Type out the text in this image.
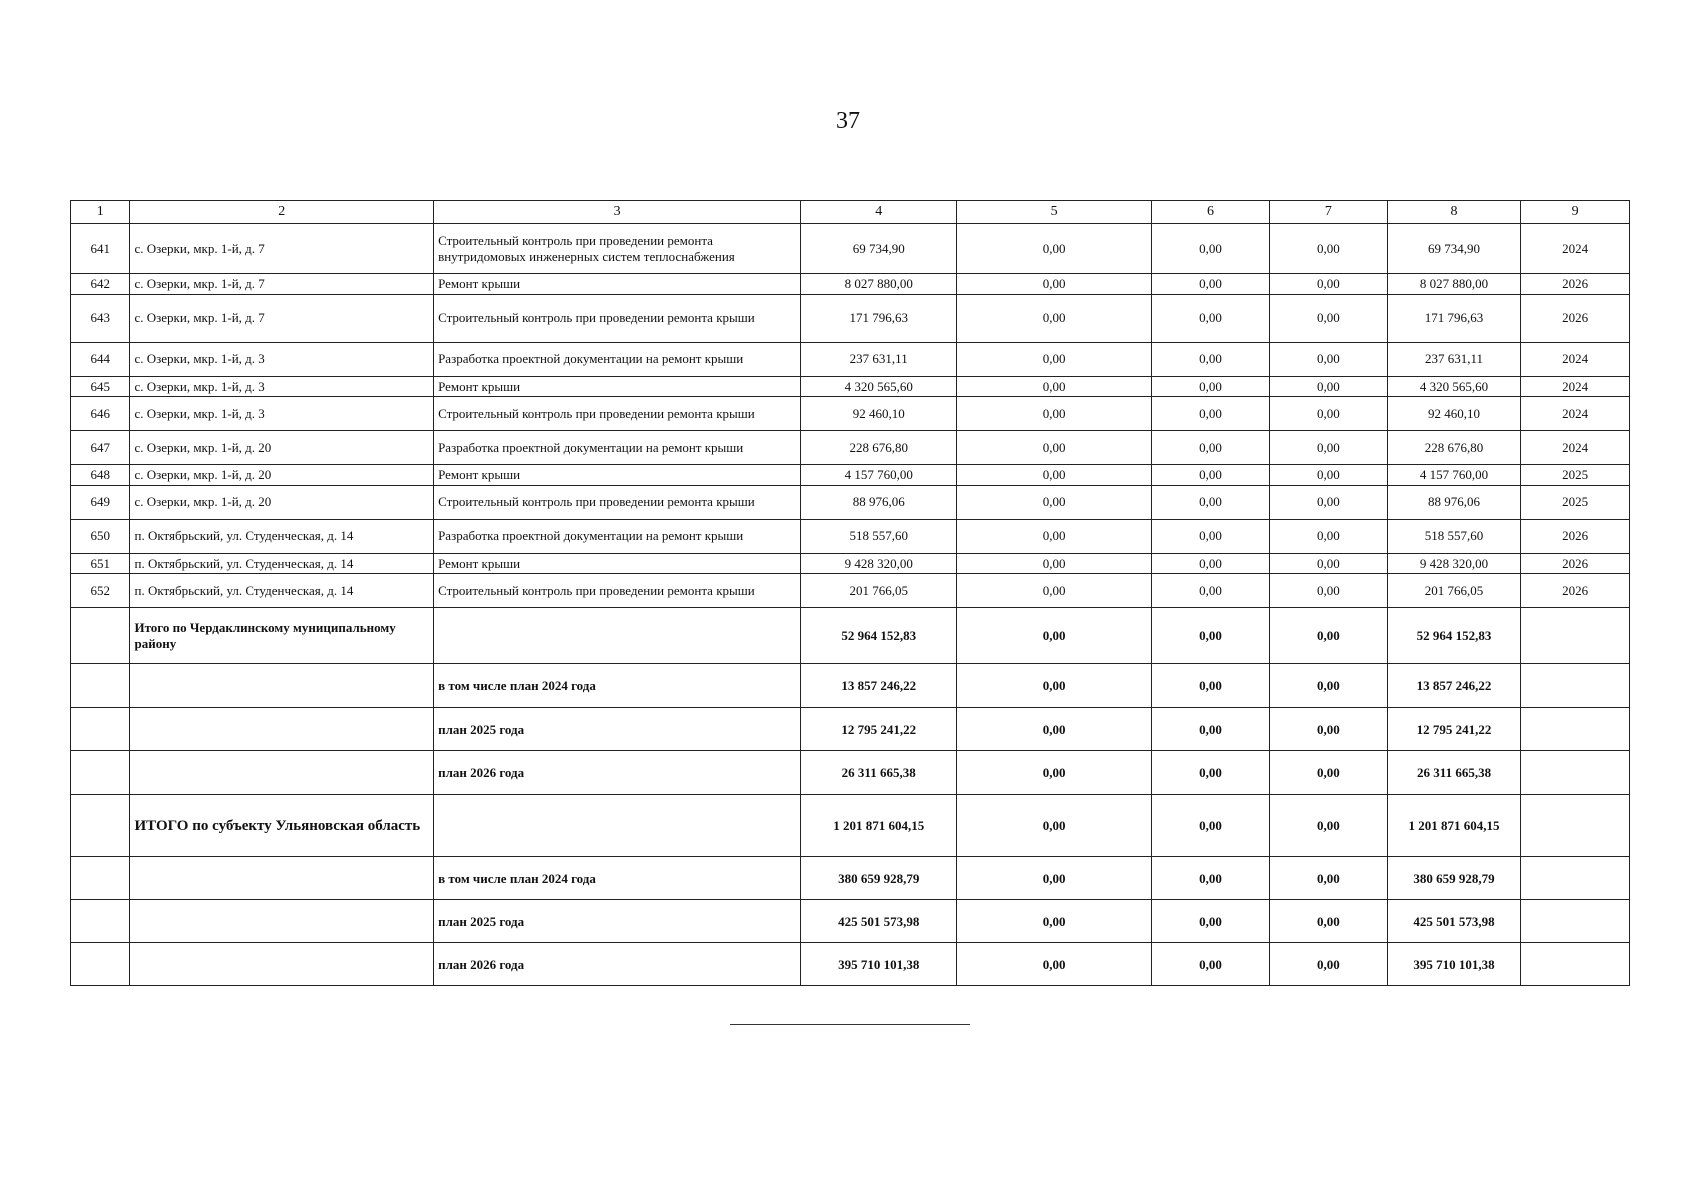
37
1	2	3	4	5	6	7	8	9
641	с. Озерки, мкр. 1-й, д. 7	Строительный контроль при проведении ремонта внутридомовых инженерных систем теплоснабжения	69 734,90	0,00	0,00	0,00	69 734,90	2024
642	с. Озерки, мкр. 1-й, д. 7	Ремонт крыши	8 027 880,00	0,00	0,00	0,00	8 027 880,00	2026
643	с. Озерки, мкр. 1-й, д. 7	Строительный контроль при проведении ремонта крыши	171 796,63	0,00	0,00	0,00	171 796,63	2026
644	с. Озерки, мкр. 1-й, д. 3	Разработка проектной документации на ремонт крыши	237 631,11	0,00	0,00	0,00	237 631,11	2024
645	с. Озерки, мкр. 1-й, д. 3	Ремонт крыши	4 320 565,60	0,00	0,00	0,00	4 320 565,60	2024
646	с. Озерки, мкр. 1-й, д. 3	Строительный контроль при проведении ремонта крыши	92 460,10	0,00	0,00	0,00	92 460,10	2024
647	с. Озерки, мкр. 1-й, д. 20	Разработка проектной документации на ремонт крыши	228 676,80	0,00	0,00	0,00	228 676,80	2024
648	с. Озерки, мкр. 1-й, д. 20	Ремонт крыши	4 157 760,00	0,00	0,00	0,00	4 157 760,00	2025
649	с. Озерки, мкр. 1-й, д. 20	Строительный контроль при проведении ремонта крыши	88 976,06	0,00	0,00	0,00	88 976,06	2025
650	п. Октябрьский, ул. Студенческая, д. 14	Разработка проектной документации на ремонт крыши	518 557,60	0,00	0,00	0,00	518 557,60	2026
651	п. Октябрьский, ул. Студенческая, д. 14	Ремонт крыши	9 428 320,00	0,00	0,00	0,00	9 428 320,00	2026
652	п. Октябрьский, ул. Студенческая, д. 14	Строительный контроль при проведении ремонта крыши	201 766,05	0,00	0,00	0,00	201 766,05	2026
	Итого по Чердаклинскому муниципальному району		52 964 152,83	0,00	0,00	0,00	52 964 152,83	
		в том числе план 2024 года	13 857 246,22	0,00	0,00	0,00	13 857 246,22	
		план 2025 года	12 795 241,22	0,00	0,00	0,00	12 795 241,22	
		план 2026 года	26 311 665,38	0,00	0,00	0,00	26 311 665,38	
	ИТОГО по субъекту Ульяновская область		1 201 871 604,15	0,00	0,00	0,00	1 201 871 604,15	
		в том числе план 2024 года	380 659 928,79	0,00	0,00	0,00	380 659 928,79	
		план 2025 года	425 501 573,98	0,00	0,00	0,00	425 501 573,98	
		план 2026 года	395 710 101,38	0,00	0,00	0,00	395 710 101,38	
